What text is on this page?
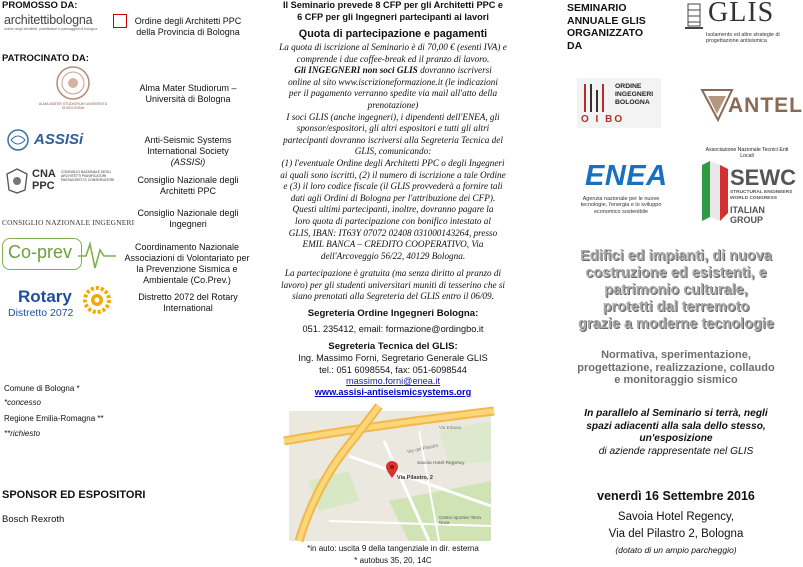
PROMOSSO DA:
architettibologna
ordine degli architetti, pianificatori e paesaggisti di bologna
Ordine degli Architetti PPC della Provincia di Bologna
PATROCINATO DA:
ALMA MATER STUDIORUM UNIVERSITÀ DI BOLOGNA
Alma Mater Studiorum – Università di Bologna
ASSISi	Anti-Seismic Systems International Society
(ASSISi)
CNA PPC
CONSIGLIO NAZIONALE DEGLI ARCHITETTI PIANIFICATORI PAESAGGISTI E CONSERVATORI	Consiglio Nazionale degli Architetti PPC
CONSIGLIO NAZIONALE INGEGNERI
Consiglio Nazionale degli Ingegneri
Co-prev	Coordinamento Nazionale Associazioni di Volontariato per la Prevenzione Sismica e Ambientale (Co.Prev.)
Rotary
Distretto 2072
Distretto 2072 del Rotary International
Comune di Bologna *
*concesso
Regione Emilia-Romagna **
**richiesto
SPONSOR ED ESPOSITORI
Bosch Rexroth
Il Seminario prevede 8 CFP per gli Architetti PPC e
6 CFP per gli Ingegneri partecipanti ai lavori
Quota di partecipazione e pagamenti
La quota di iscrizione al Seminario è di 70,00 € (esenti IVA) e
comprende i due coffee-break ed il pranzo di lavoro.
Gli INGEGNERI non soci GLIS dovranno iscriversi
online al sito www.iscrizioneformazione.it (le indicazioni
per il pagamento verranno spedite via mail all'atto della
prenotazione)
I soci GLIS (anche ingegneri), i dipendenti dell'ENEA, gli
sponsor/espositori, gli altri espositori e tutti gli altri
partecipanti dovranno iscriversi alla Segreteria Tecnica del
GLIS, comunicando:
(1) l'eventuale Ordine degli Architetti PPC o degli Ingegneri
ai quali sono iscritti, (2) il numero di iscrizione a tale Ordine
e (3) il loro codice fiscale (il GLIS provvederà a fornire tali
dati agli Ordini di Bologna per l'attribuzione dei CFP).
Questi ultimi partecipanti, inoltre, dovranno pagare la
loro quota di partecipazione con bonifico intestato al
GLIS, IBAN: IT63Y 07072 02408 031000143264, presso
EMIL BANCA – CREDITO COOPERATIVO, Via
dell'Arcoveggio 56/22, 40129 Bologna.
La partecipazione è gratuita (ma senza diritto al pranzo di
lavoro) per gli studenti universitari muniti di tesserino che si
siano prenotati alla Segreteria del GLIS entro il 06/09.
Segreteria Ordine Ingegneri Bologna:
051. 235412, email: formazione@ordingbo.it
Segreteria Tecnica del GLIS:
Ing. Massimo Forni, Segretario Generale GLIS
tel.: 051 6098554, fax: 051-6098544
massimo.forni@enea.it
www.assisi-antiseismicsystems.org
Via Pilastro, 2
Savoia Hotel Regency
Via del Pilastro
Centro sportivo Terra Nova
Via Erbosa
*in auto: uscita 9 della tangenziale in dir. esterna
* autobus 35, 20, 14C
SEMINARIO
ANNUALE GLIS
ORGANIZZATO
DA
GLIS
Isolamento ed altre strategie di progettazione antisismica
ORDINE
INGEGNERI
BOLOGNA
O I BO
ANTEL
ENEA
Agenzia nazionale per le nuove tecnologie, l'energia e lo sviluppo economico sostenibile
Associazione Nazionale Tecnici Enti Locali
SEWC
STRUCTURAL ENGINEERS WORLD CONGRESS
ITALIAN GROUP
Edifici ed impianti, di nuova
costruzione ed esistenti, e
patrimonio culturale,
protetti dal terremoto
grazie a moderne tecnologie
Normativa, sperimentazione,
progettazione, realizzazione, collaudo
e monitoraggio sismico
In parallelo al Seminario si terrà, negli
spazi adiacenti alla sala dello stesso,
un'esposizione
di aziende rappresentate nel GLIS
venerdì 16 Settembre 2016
Savoia Hotel Regency,
Via del Pilastro 2, Bologna
(dotato di un ampio parcheggio)
